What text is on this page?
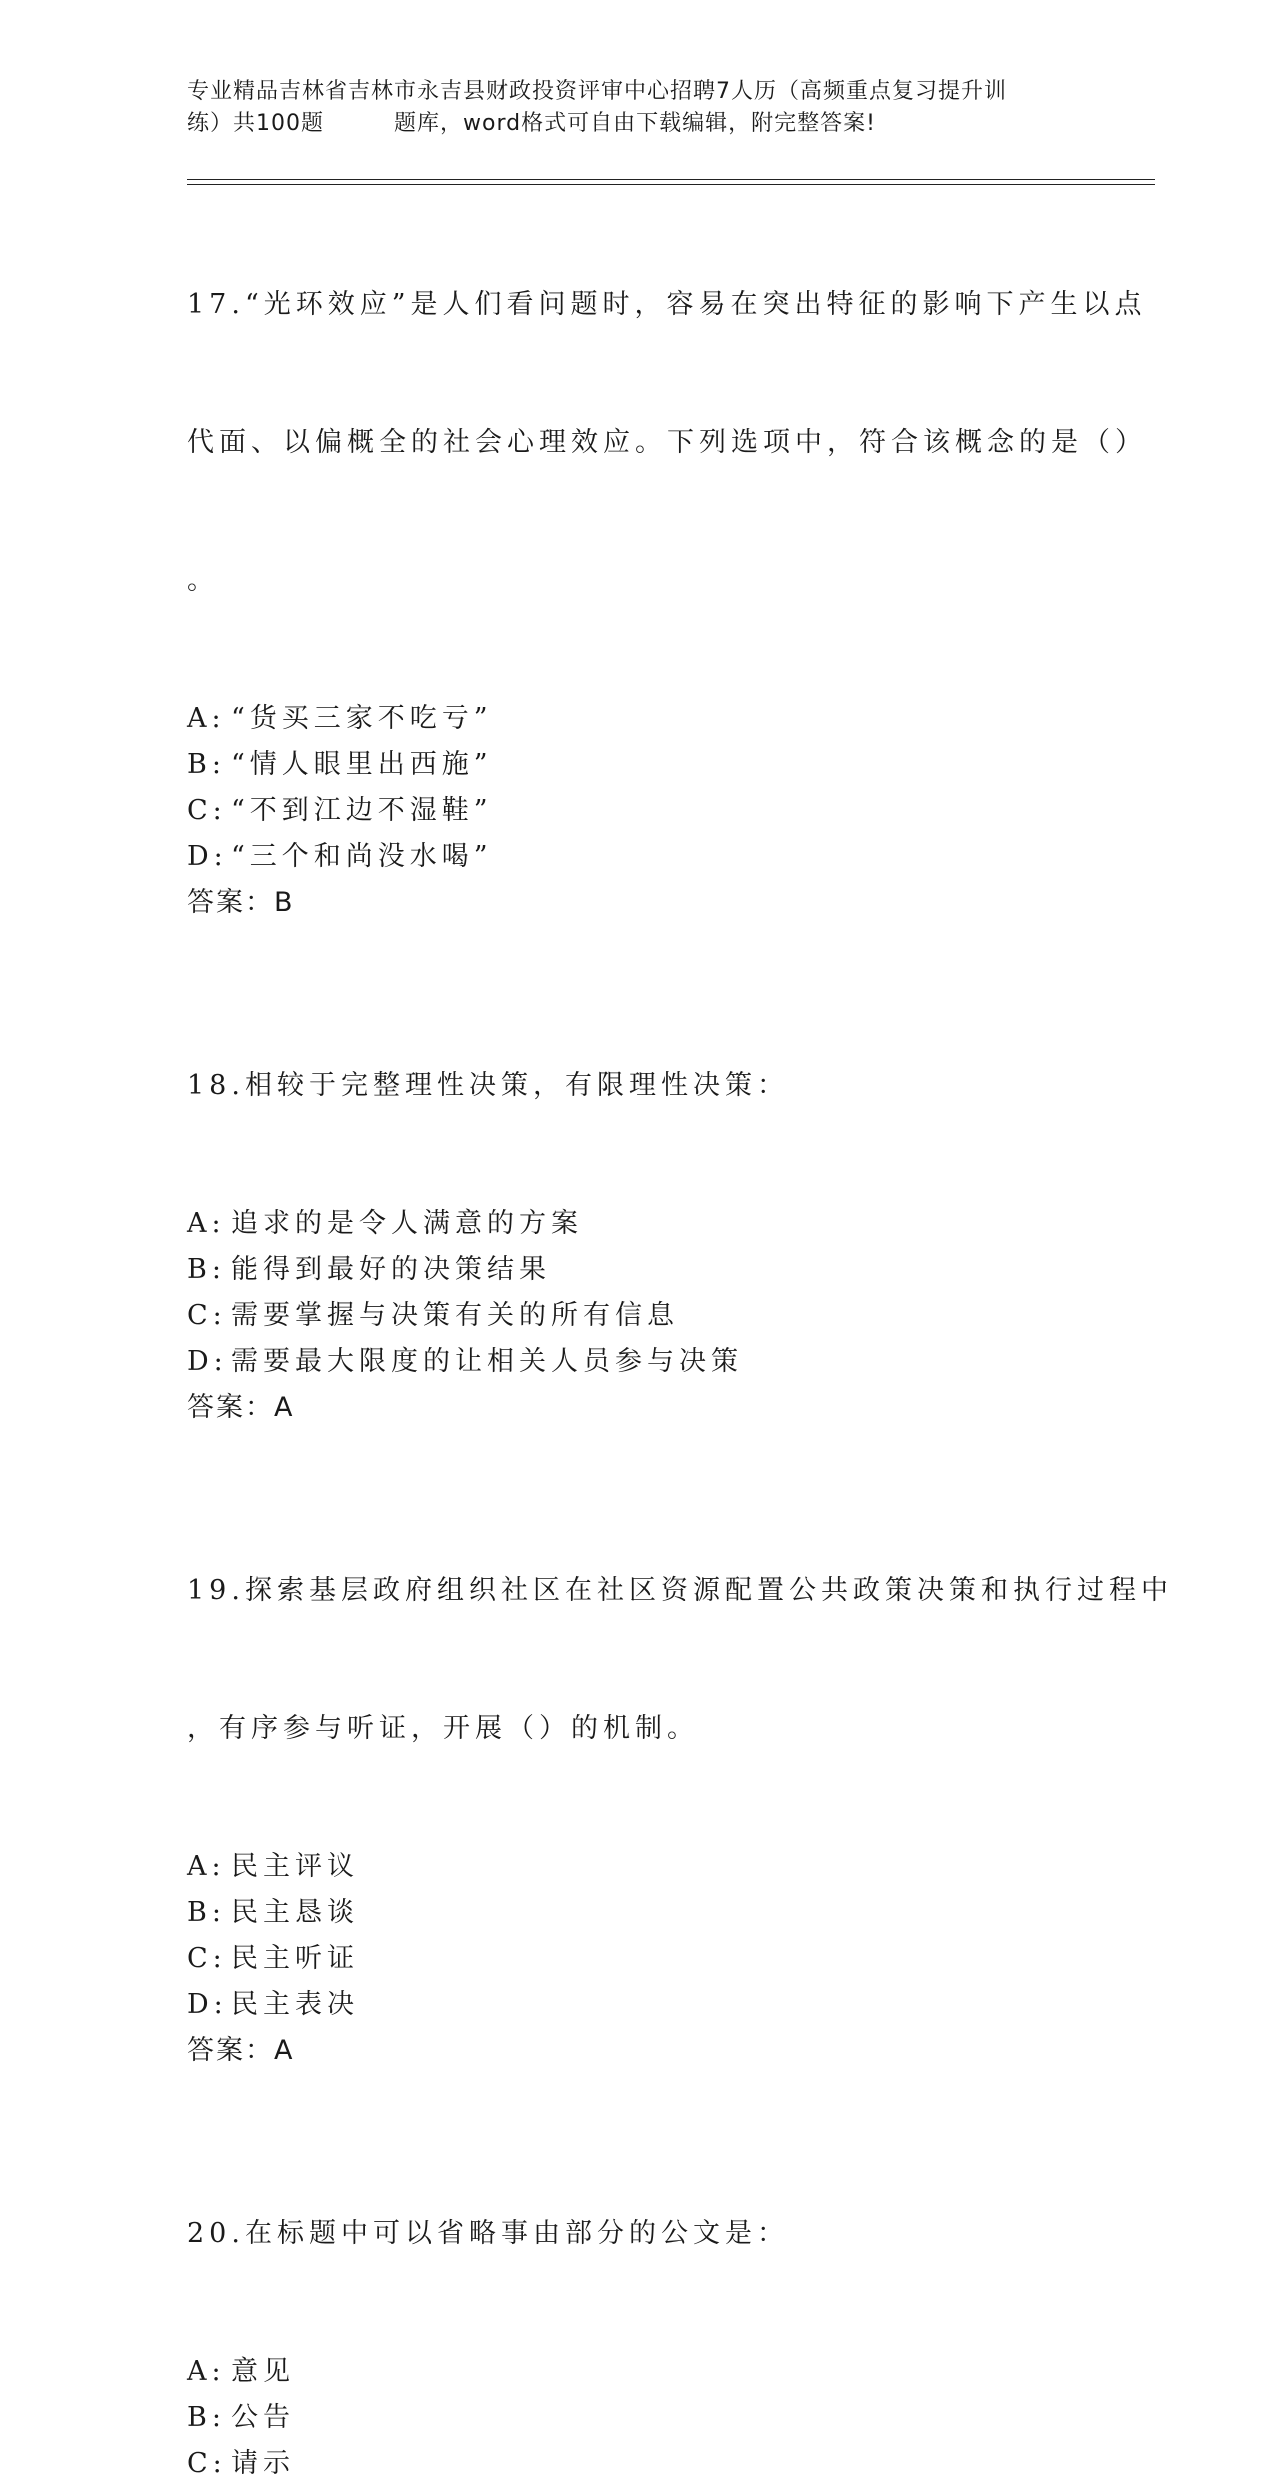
专业精品吉林省吉林市永吉县财政投资评审中心招聘7人历（高频重点复习提升训
练）共100题	题库，word格式可自由下载编辑，附完整答案!

17.“光环效应”是人们看问题时，容易在突出特征的影响下产生以点

代面、以偏概全的社会心理效应。下列选项中，符合该概念的是（）

。

A: “货买三家不吃亏”
B: “情人眼里出西施”
C: “不到江边不湿鞋”
D: “三个和尚没水喝”
答案：B

18.相较于完整理性决策，有限理性决策：

A: 追求的是令人满意的方案
B: 能得到最好的决策结果
C: 需要掌握与决策有关的所有信息
D: 需要最大限度的让相关人员参与决策
答案：A

19.探索基层政府组织社区在社区资源配置公共政策决策和执行过程中

，有序参与听证，开展（）的机制。

A: 民主评议
B: 民主恳谈
C: 民主听证
D: 民主表决
答案：A

20.在标题中可以省略事由部分的公文是：

A: 意见
B: 公告
C: 请示
